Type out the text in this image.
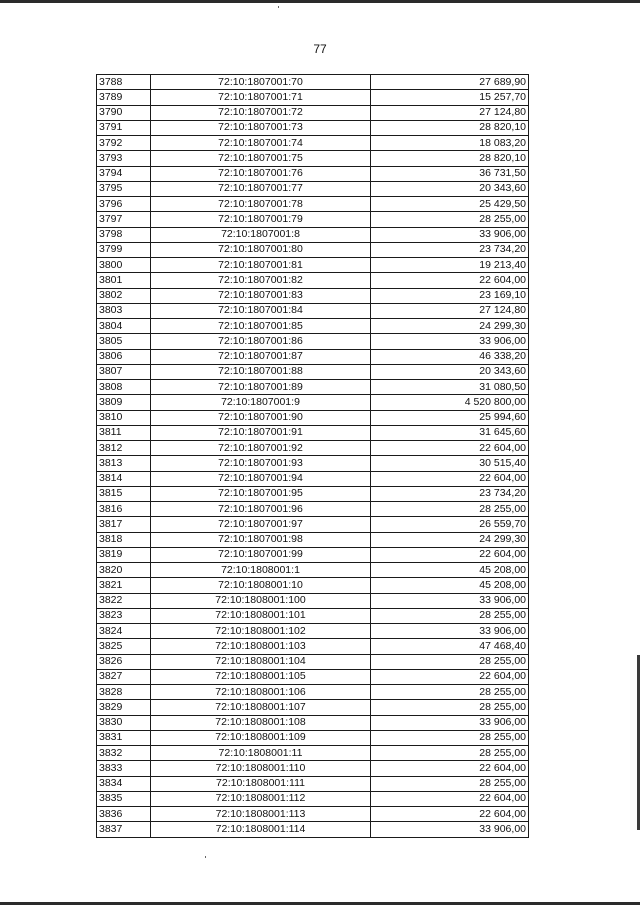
77
3788	72:10:1807001:70	27 689,90
3789	72:10:1807001:71	15 257,70
3790	72:10:1807001:72	27 124,80
3791	72:10:1807001:73	28 820,10
3792	72:10:1807001:74	18 083,20
3793	72:10:1807001:75	28 820,10
3794	72:10:1807001:76	36 731,50
3795	72:10:1807001:77	20 343,60
3796	72:10:1807001:78	25 429,50
3797	72:10:1807001:79	28 255,00
3798	72:10:1807001:8	33 906,00
3799	72:10:1807001:80	23 734,20
3800	72:10:1807001:81	19 213,40
3801	72:10:1807001:82	22 604,00
3802	72:10:1807001:83	23 169,10
3803	72:10:1807001:84	27 124,80
3804	72:10:1807001:85	24 299,30
3805	72:10:1807001:86	33 906,00
3806	72:10:1807001:87	46 338,20
3807	72:10:1807001:88	20 343,60
3808	72:10:1807001:89	31 080,50
3809	72:10:1807001:9	4 520 800,00
3810	72:10:1807001:90	25 994,60
3811	72:10:1807001:91	31 645,60
3812	72:10:1807001:92	22 604,00
3813	72:10:1807001:93	30 515,40
3814	72:10:1807001:94	22 604,00
3815	72:10:1807001:95	23 734,20
3816	72:10:1807001:96	28 255,00
3817	72:10:1807001:97	26 559,70
3818	72:10:1807001:98	24 299,30
3819	72:10:1807001:99	22 604,00
3820	72:10:1808001:1	45 208,00
3821	72:10:1808001:10	45 208,00
3822	72:10:1808001:100	33 906,00
3823	72:10:1808001:101	28 255,00
3824	72:10:1808001:102	33 906,00
3825	72:10:1808001:103	47 468,40
3826	72:10:1808001:104	28 255,00
3827	72:10:1808001:105	22 604,00
3828	72:10:1808001:106	28 255,00
3829	72:10:1808001:107	28 255,00
3830	72:10:1808001:108	33 906,00
3831	72:10:1808001:109	28 255,00
3832	72:10:1808001:11	28 255,00
3833	72:10:1808001:110	22 604,00
3834	72:10:1808001:111	28 255,00
3835	72:10:1808001:112	22 604,00
3836	72:10:1808001:113	22 604,00
3837	72:10:1808001:114	33 906,00
